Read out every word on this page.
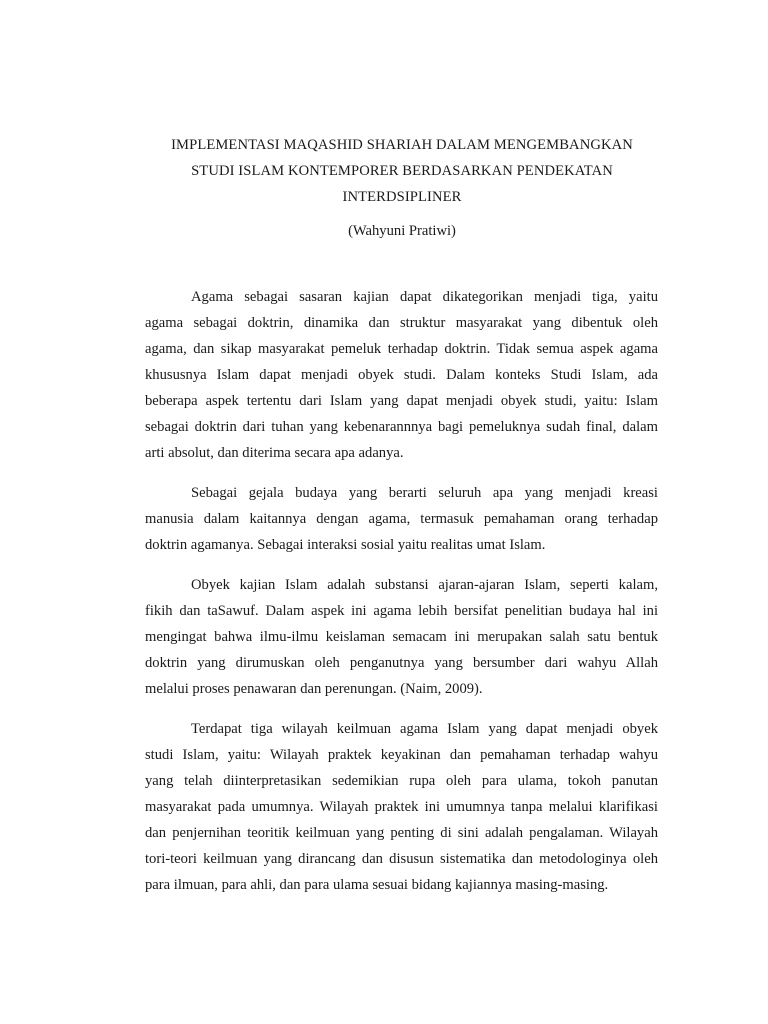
IMPLEMENTASI MAQASHID SHARIAH DALAM MENGEMBANGKAN
STUDI ISLAM KONTEMPORER BERDASARKAN PENDEKATAN
INTERDSIPLINER
(Wahyuni Pratiwi)
Agama sebagai sasaran kajian dapat dikategorikan menjadi tiga, yaitu
agama sebagai doktrin, dinamika dan struktur masyarakat yang dibentuk oleh
agama, dan sikap masyarakat pemeluk terhadap doktrin. Tidak semua aspek agama
khususnya Islam dapat menjadi obyek studi. Dalam konteks Studi Islam, ada
beberapa aspek tertentu dari Islam yang dapat menjadi obyek studi, yaitu: Islam
sebagai doktrin dari tuhan yang kebenarannnya bagi pemeluknya sudah final, dalam
arti absolut, dan diterima secara apa adanya.
Sebagai gejala budaya yang berarti seluruh apa yang menjadi kreasi
manusia dalam kaitannya dengan agama, termasuk pemahaman orang terhadap
doktrin agamanya. Sebagai interaksi sosial yaitu realitas umat Islam.
Obyek kajian Islam adalah substansi ajaran-ajaran Islam, seperti kalam,
fikih dan taSawuf. Dalam aspek ini agama lebih bersifat penelitian budaya hal ini
mengingat bahwa ilmu-ilmu keislaman semacam ini merupakan salah satu bentuk
doktrin yang dirumuskan oleh penganutnya yang bersumber dari wahyu Allah
melalui proses penawaran dan perenungan. (Naim, 2009).
Terdapat tiga wilayah keilmuan agama Islam yang dapat menjadi obyek
studi Islam, yaitu: Wilayah praktek keyakinan dan pemahaman terhadap wahyu
yang telah diinterpretasikan sedemikian rupa oleh para ulama, tokoh panutan
masyarakat pada umumnya. Wilayah praktek ini umumnya tanpa melalui klarifikasi
dan penjernihan teoritik keilmuan yang penting di sini adalah pengalaman. Wilayah
tori-teori keilmuan yang dirancang dan disusun sistematika dan metodologinya oleh
para ilmuan, para ahli, dan para ulama sesuai bidang kajiannya masing-masing.
